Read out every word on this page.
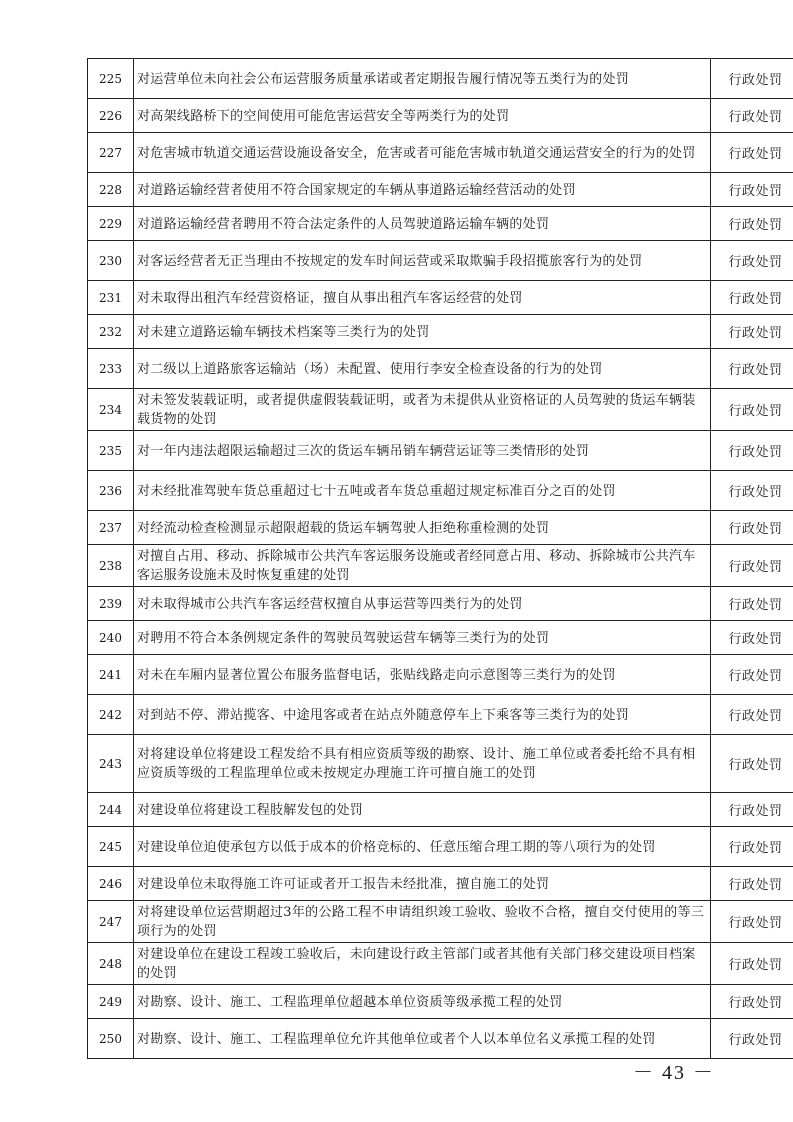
225	对运营单位未向社会公布运营服务质量承诺或者定期报告履行情况等五类行为的处罚	行政处罚
226	对高架线路桥下的空间使用可能危害运营安全等两类行为的处罚	行政处罚
227	对危害城市轨道交通运营设施设备安全，危害或者可能危害城市轨道交通运营安全的行为的处罚	行政处罚
228	对道路运输经营者使用不符合国家规定的车辆从事道路运输经营活动的处罚	行政处罚
229	对道路运输经营者聘用不符合法定条件的人员驾驶道路运输车辆的处罚	行政处罚
230	对客运经营者无正当理由不按规定的发车时间运营或采取欺骗手段招揽旅客行为的处罚	行政处罚
231	对未取得出租汽车经营资格证，擅自从事出租汽车客运经营的处罚	行政处罚
232	对未建立道路运输车辆技术档案等三类行为的处罚	行政处罚
233	对二级以上道路旅客运输站（场）未配置、使用行李安全检查设备的行为的处罚	行政处罚
234	对未签发装载证明，或者提供虚假装载证明，或者为未提供从业资格证的人员驾驶的货运车辆装载货物的处罚	行政处罚
235	对一年内违法超限运输超过三次的货运车辆吊销车辆营运证等三类情形的处罚	行政处罚
236	对未经批准驾驶车货总重超过七十五吨或者车货总重超过规定标准百分之百的处罚	行政处罚
237	对经流动检查检测显示超限超载的货运车辆驾驶人拒绝称重检测的处罚	行政处罚
238	对擅自占用、移动、拆除城市公共汽车客运服务设施或者经同意占用、移动、拆除城市公共汽车客运服务设施未及时恢复重建的处罚	行政处罚
239	对未取得城市公共汽车客运经营权擅自从事运营等四类行为的处罚	行政处罚
240	对聘用不符合本条例规定条件的驾驶员驾驶运营车辆等三类行为的处罚	行政处罚
241	对未在车厢内显著位置公布服务监督电话，张贴线路走向示意图等三类行为的处罚	行政处罚
242	对到站不停、滞站揽客、中途甩客或者在站点外随意停车上下乘客等三类行为的处罚	行政处罚
243	对将建设单位将建设工程发给不具有相应资质等级的勘察、设计、施工单位或者委托给不具有相应资质等级的工程监理单位或未按规定办理施工许可擅自施工的处罚	行政处罚
244	对建设单位将建设工程肢解发包的处罚	行政处罚
245	对建设单位迫使承包方以低于成本的价格竞标的、任意压缩合理工期的等八项行为的处罚	行政处罚
246	对建设单位未取得施工许可证或者开工报告未经批准，擅自施工的处罚	行政处罚
247	对将建设单位运营期超过3年的公路工程不申请组织竣工验收、验收不合格，擅自交付使用的等三项行为的处罚	行政处罚
248	对建设单位在建设工程竣工验收后，未向建设行政主管部门或者其他有关部门移交建设项目档案的处罚	行政处罚
249	对勘察、设计、施工、工程监理单位超越本单位资质等级承揽工程的处罚	行政处罚
250	对勘察、设计、施工、工程监理单位允许其他单位或者个人以本单位名义承揽工程的处罚	行政处罚
－ 43 －
